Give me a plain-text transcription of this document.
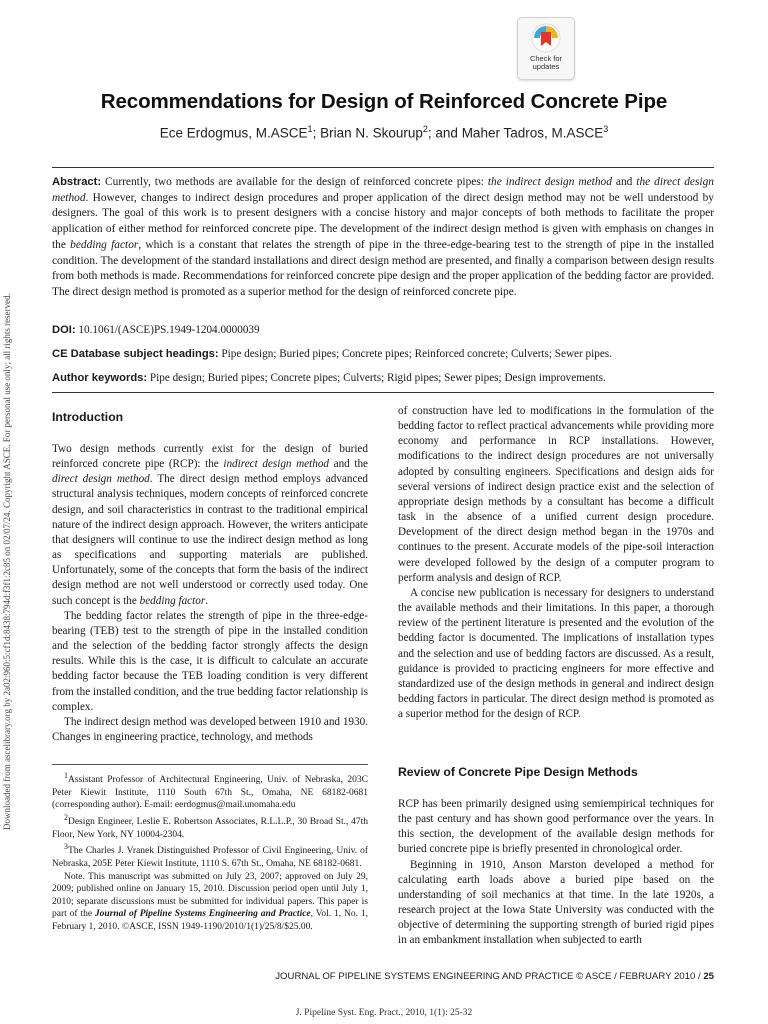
Downloaded from ascelibrary.org by 2a02:960:5:cf1d:8438:794d:f3f1:2c85 on 02/07/24. Copyright ASCE. For personal use only; all rights reserved.
Check for
updates
Recommendations for Design of Reinforced Concrete Pipe
Ece Erdogmus, M.ASCE$^1$; Brian N. Skourup$^2$; and Maher Tadros, M.ASCE$^3$
Abstract: Currently, two methods are available for the design of reinforced concrete pipes: the indirect design method and the direct design method. However, changes to indirect design procedures and proper application of the direct design method may not be well understood by designers. The goal of this work is to present designers with a concise history and major concepts of both methods to facilitate the proper application of either method for reinforced concrete pipe. The development of the indirect design method is given with emphasis on changes in the bedding factor, which is a constant that relates the strength of pipe in the three-edge-bearing test to the strength of pipe in the installed condition. The development of the standard installations and direct design method are presented, and finally a comparison between design results from both methods is made. Recommendations for reinforced concrete pipe design and the proper application of the bedding factor are provided. The direct design method is promoted as a superior method for the design of reinforced concrete pipe.
DOI: 10.1061/(ASCE)PS.1949-1204.0000039
CE Database subject headings: Pipe design; Buried pipes; Concrete pipes; Reinforced concrete; Culverts; Sewer pipes.
Author keywords: Pipe design; Buried pipes; Concrete pipes; Culverts; Rigid pipes; Sewer pipes; Design improvements.
Introduction

Two design methods currently exist for the design of buried reinforced concrete pipe (RCP): the indirect design method and the direct design method. The direct design method employs advanced structural analysis techniques, modern concepts of reinforced concrete design, and soil characteristics in contrast to the traditional empirical nature of the indirect design approach. However, the writers anticipate that designers will continue to use the indirect design method as long as specifications and supporting materials are published. Unfortunately, some of the concepts that form the basis of the indirect design method are not well understood or correctly used today. One such concept is the bedding factor.

The bedding factor relates the strength of pipe in the three-edge-bearing (TEB) test to the strength of pipe in the installed condition and the selection of the bedding factor strongly affects the design results. While this is the case, it is difficult to calculate an accurate bedding factor because the TEB loading condition is very different from the installed condition, and the true bedding factor relationship is complex.

The indirect design method was developed between 1910 and 1930. Changes in engineering practice, technology, and methods

$^1$Assistant Professor of Architectural Engineering, Univ. of Nebraska, 203C Peter Kiewit Institute, 1110 South 67th St., Omaha, NE 68182-0681 (corresponding author). E-mail: eerdogmus@mail.unomaha.edu

$^2$Design Engineer, Leslie E. Robertson Associates, R.L.L.P., 30 Broad St., 47th Floor, New York, NY 10004-2304.

$^3$The Charles J. Vranek Distinguished Professor of Civil Engineering, Univ. of Nebraska, 205E Peter Kiewit Institute, 1110 S. 67th St., Omaha, NE 68182-0681.

Note. This manuscript was submitted on July 23, 2007; approved on July 29, 2009; published online on January 15, 2010. Discussion period open until July 1, 2010; separate discussions must be submitted for individual papers. This paper is part of the Journal of Pipeline Systems Engineering and Practice, Vol. 1, No. 1, February 1, 2010. ©ASCE, ISSN 1949-1190/2010/1(1)/25/8/$25.00.

of construction have led to modifications in the formulation of the bedding factor to reflect practical advancements while providing more economy and performance in RCP installations. However, modifications to the indirect design procedures are not universally adopted by consulting engineers. Specifications and design aids for several versions of indirect design practice exist and the selection of appropriate design methods by a consultant has become a difficult task in the absence of a unified current design procedure. Development of the direct design method began in the 1970s and continues to the present. Accurate models of the pipe-soil interaction were developed followed by the design of a computer program to perform analysis and design of RCP.

A concise new publication is necessary for designers to understand the available methods and their limitations. In this paper, a thorough review of the pertinent literature is presented and the evolution of the bedding factor is documented. The implications of installation types and the selection and use of bedding factors are discussed. As a result, guidance is provided to practicing engineers for more effective and standardized use of the design methods in general and indirect design bedding factors in particular. The direct design method is promoted as a superior method for the design of RCP.

Review of Concrete Pipe Design Methods

RCP has been primarily designed using semiempirical techniques for the past century and has shown good performance over the years. In this section, the development of the available design methods for buried concrete pipe is briefly presented in chronological order.

Beginning in 1910, Anson Marston developed a method for calculating earth loads above a buried pipe based on the understanding of soil mechanics at that time. In the late 1920s, a research project at the Iowa State University was conducted with the objective of determining the supporting strength of buried rigid pipes in an embankment installation when subjected to earth

JOURNAL OF PIPELINE SYSTEMS ENGINEERING AND PRACTICE © ASCE / FEBRUARY 2010 / 25
J. Pipeline Syst. Eng. Pract., 2010, 1(1): 25-32
